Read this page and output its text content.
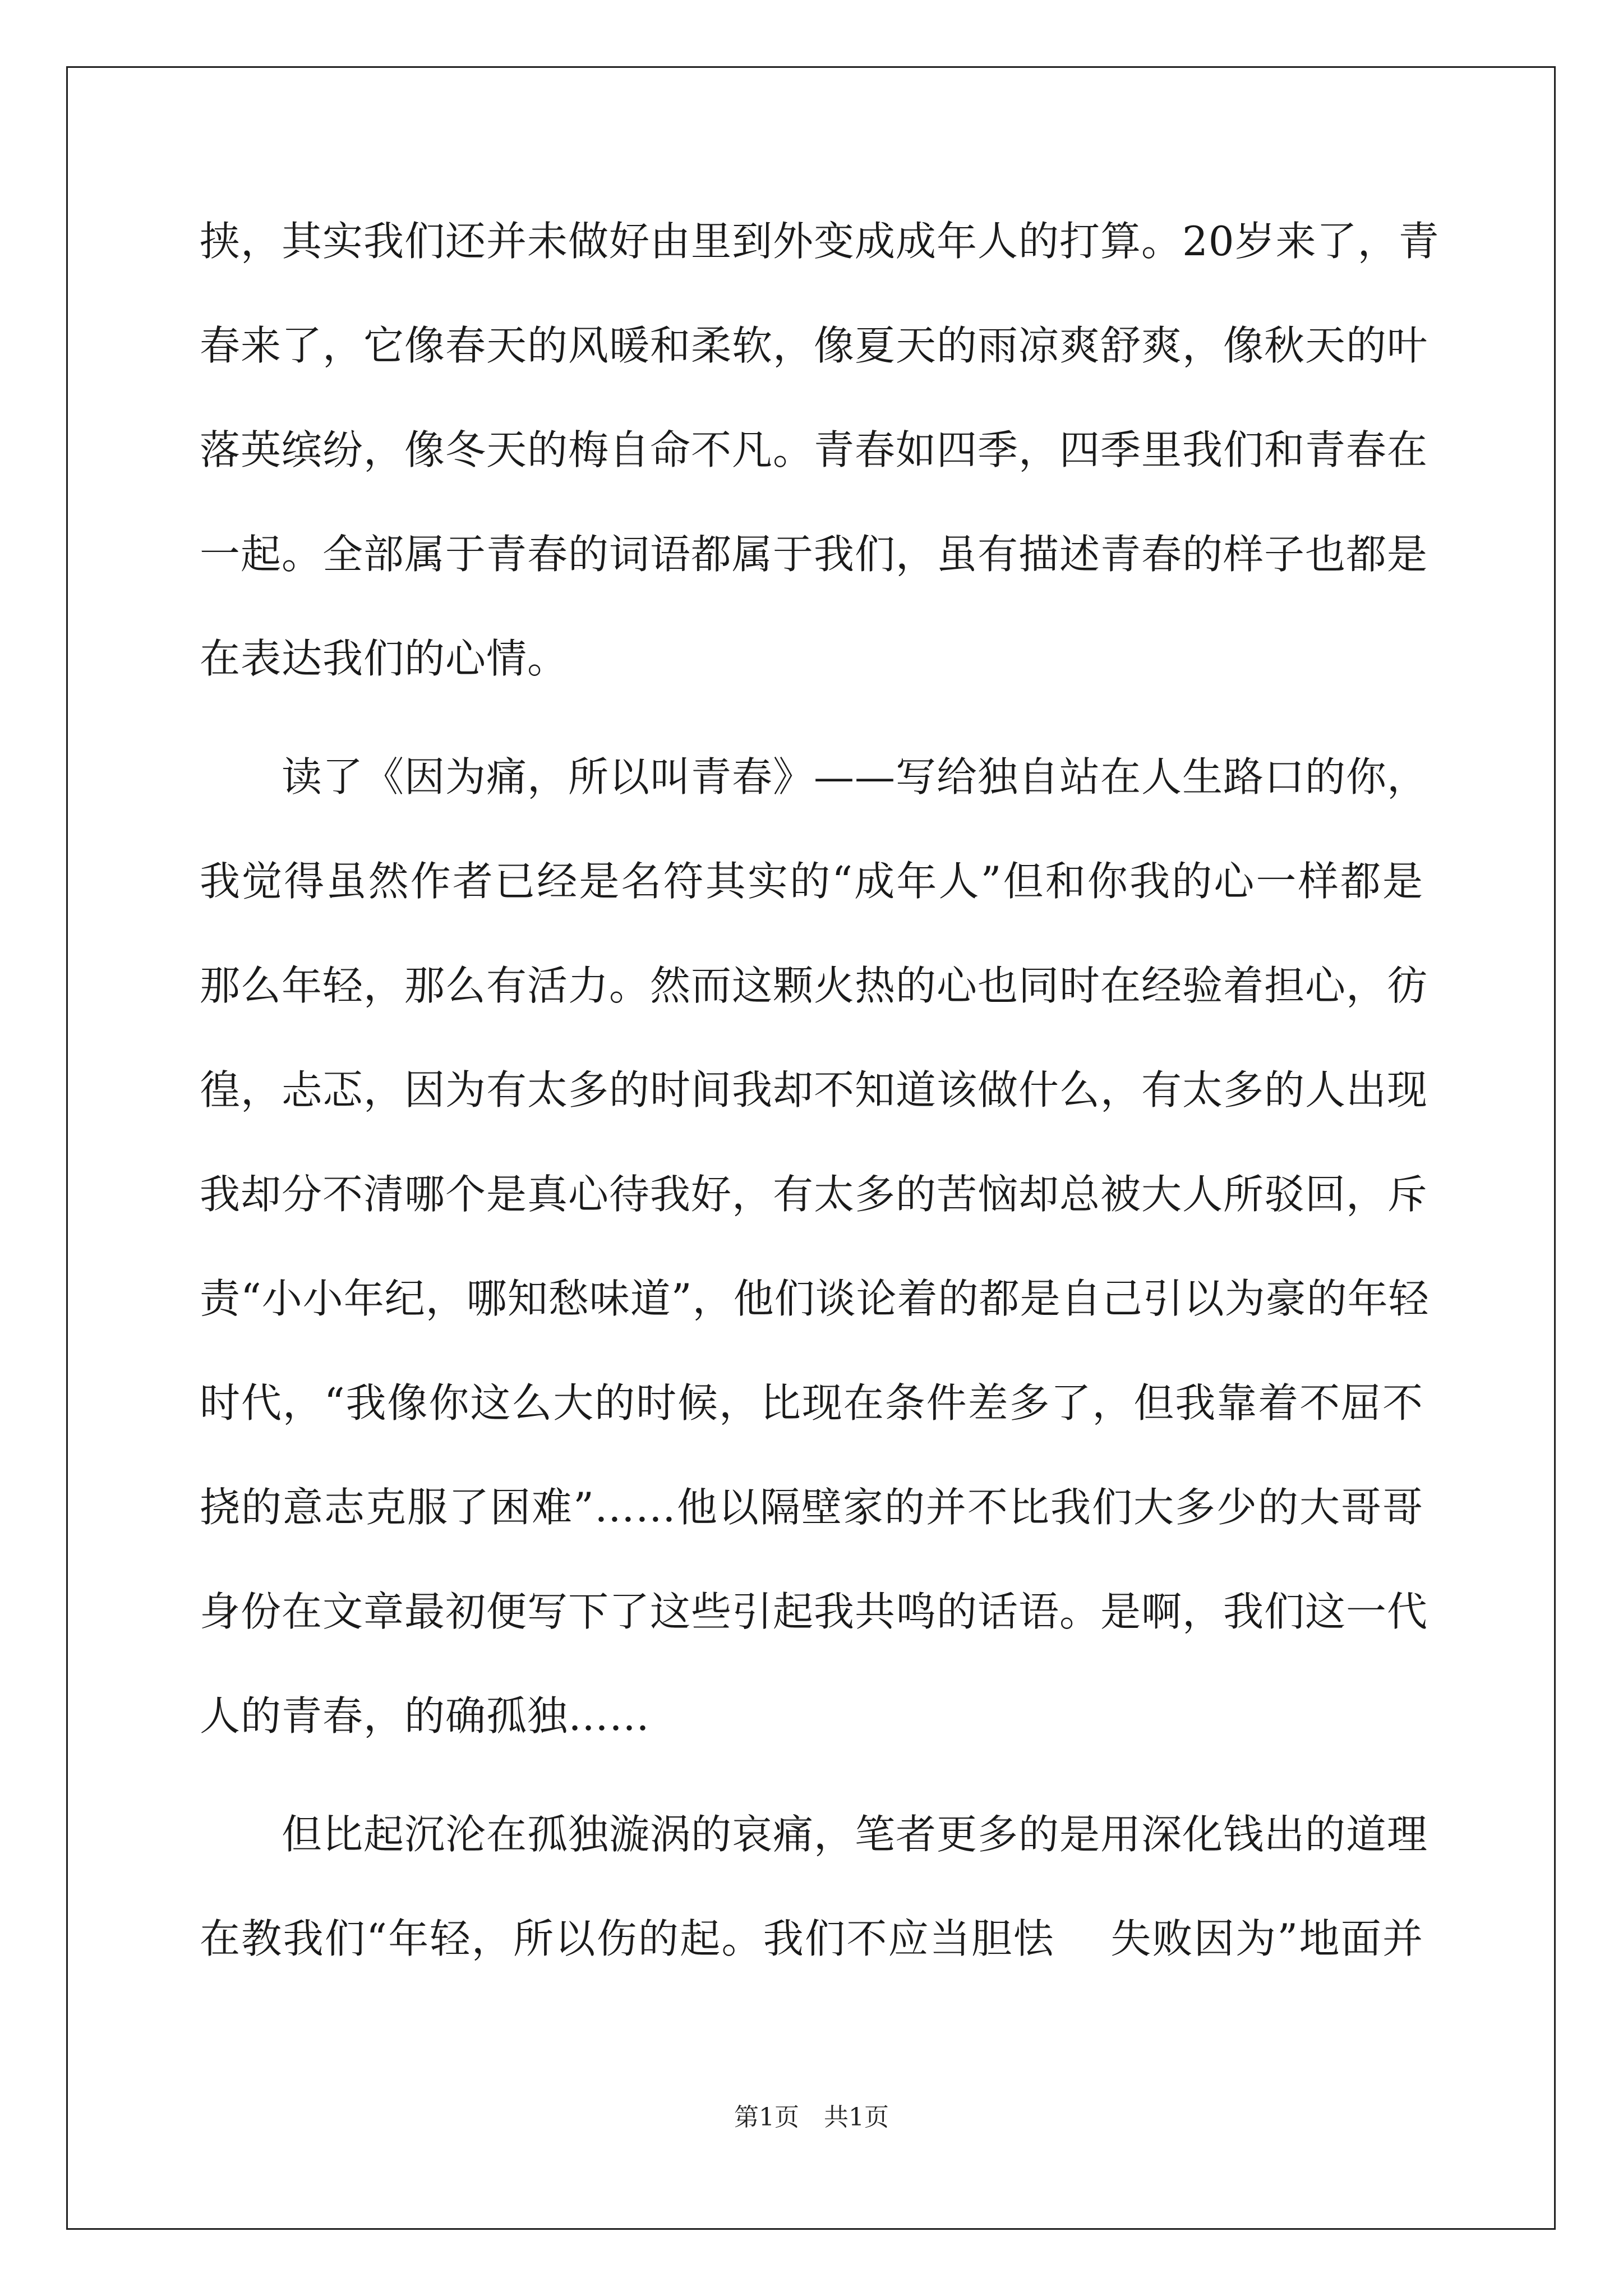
挟，其实我们还并未做好由里到外变成成年人的打算。20岁来了，青
春来了，它像春天的风暖和柔软，像夏天的雨凉爽舒爽，像秋天的叶
落英缤纷，像冬天的梅自命不凡。青春如四季，四季里我们和青春在
一起。全部属于青春的词语都属于我们，虽有描述青春的样子也都是
在表达我们的心情。
　　读了《因为痛，所以叫青春》——写给独自站在人生路口的你，
我觉得虽然作者已经是名符其实的“成年人”但和你我的心一样都是
那么年轻，那么有活力。然而这颗火热的心也同时在经验着担心，彷
徨，忐忑，因为有太多的时间我却不知道该做什么，有太多的人出现
我却分不清哪个是真心待我好，有太多的苦恼却总被大人所驳回，斥
责“小小年纪，哪知愁味道”，他们谈论着的都是自己引以为豪的年轻
时代，“我像你这么大的时候，比现在条件差多了，但我靠着不屈不
挠的意志克服了困难”……他以隔壁家的并不比我们大多少的大哥哥
身份在文章最初便写下了这些引起我共鸣的话语。是啊，我们这一代
人的青春，的确孤独……
　　但比起沉沦在孤独漩涡的哀痛，笔者更多的是用深化钱出的道理
在教我们“年轻，所以伤的起。我们不应当胆怯　 失败因为”地面并
第1页　共1页
